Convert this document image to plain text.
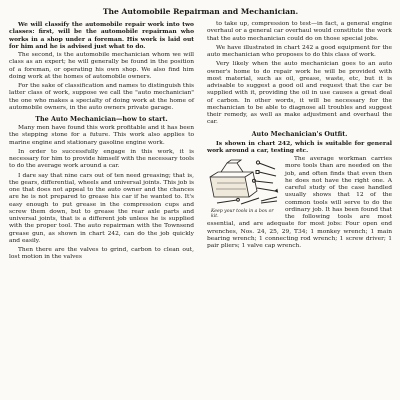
The Automobile Repairman and Mechanician.

We will classify the automobile repair work into two classes: first, will be the automobile repairman who works in a shop under a foreman. His work is laid out for him and he is advised just what to do.

The second, is the automobile mechanician whom we will class as an expert; he will generally be found in the position of a foreman, or operating his own shop. We also find him doing work at the homes of automobile owners.

For the sake of classification and names to distinguish this latter class of work, suppose we call the "auto mechanician" the one who makes a specialty of doing work at the home of automobile owners, in the auto owners private garage.

The Auto Mechanician—how to start.

Many men have found this work profitable and it has been the stepping stone for a future. This work also applies to marine engine and stationary gasoline engine work.

In order to successfully engage in this work, it is necessary for him to provide himself with the necessary tools to do the average work around a car.

I dare say that nine cars out of ten need greasing; that is, the gears, differential, wheels and universal joints. This job is one that does not appeal to the auto owner and the chances are he is not prepared to grease his car if he wanted to. It's easy enough to put grease in the compression cups and screw them down, but to grease the rear axle parts and universal joints, that is a different job unless he is supplied with the proper tool. The auto repairman with the Townsend grease gun, as shown in chart 242, can do the job quickly and easily.

Then there are the valves to grind, carbon to clean out, lost motion in the valves

to take up, compression to test—in fact, a general engine overhaul or a general car overhaul would constitute the work that the auto mechanician could do on those special jobs.

We have illustrated in chart 242 a good equipment for the auto mechanician who proposes to do this class of work.

Very likely when the auto mechanician goes to an auto owner's home to do repair work he will be provided with most material, such as oil, grease, waste, etc, but it is advisable to suggest a good oil and request that the car be supplied with it, providing the oil in use causes a great deal of carbon. In other words, it will be necessary for the mechanician to be able to diagnose all troubles and suggest their remedy, as well as make adjustment and overhaul the car.

Auto Mechanician's Outfit.

Is shown in chart 242, which is suitable for general work around a car, testing etc.

Keep your tools in a box or kit.

The average workman carries more tools than are needed on the job, and often finds that even then he does not have the right one. A careful study of the case handled usually shows that 12 of the common tools will serve to do the ordinary job. It has been found that the following tools are most essential, and are adequate for most jobs: Four open end wrenches, Nos. 24, 25, 29, T34; 1 monkey wrench; 1 main bearing wrench; 1 connecting rod wrench; 1 screw driver; 1 pair pliers; 1 valve cap wrench.
